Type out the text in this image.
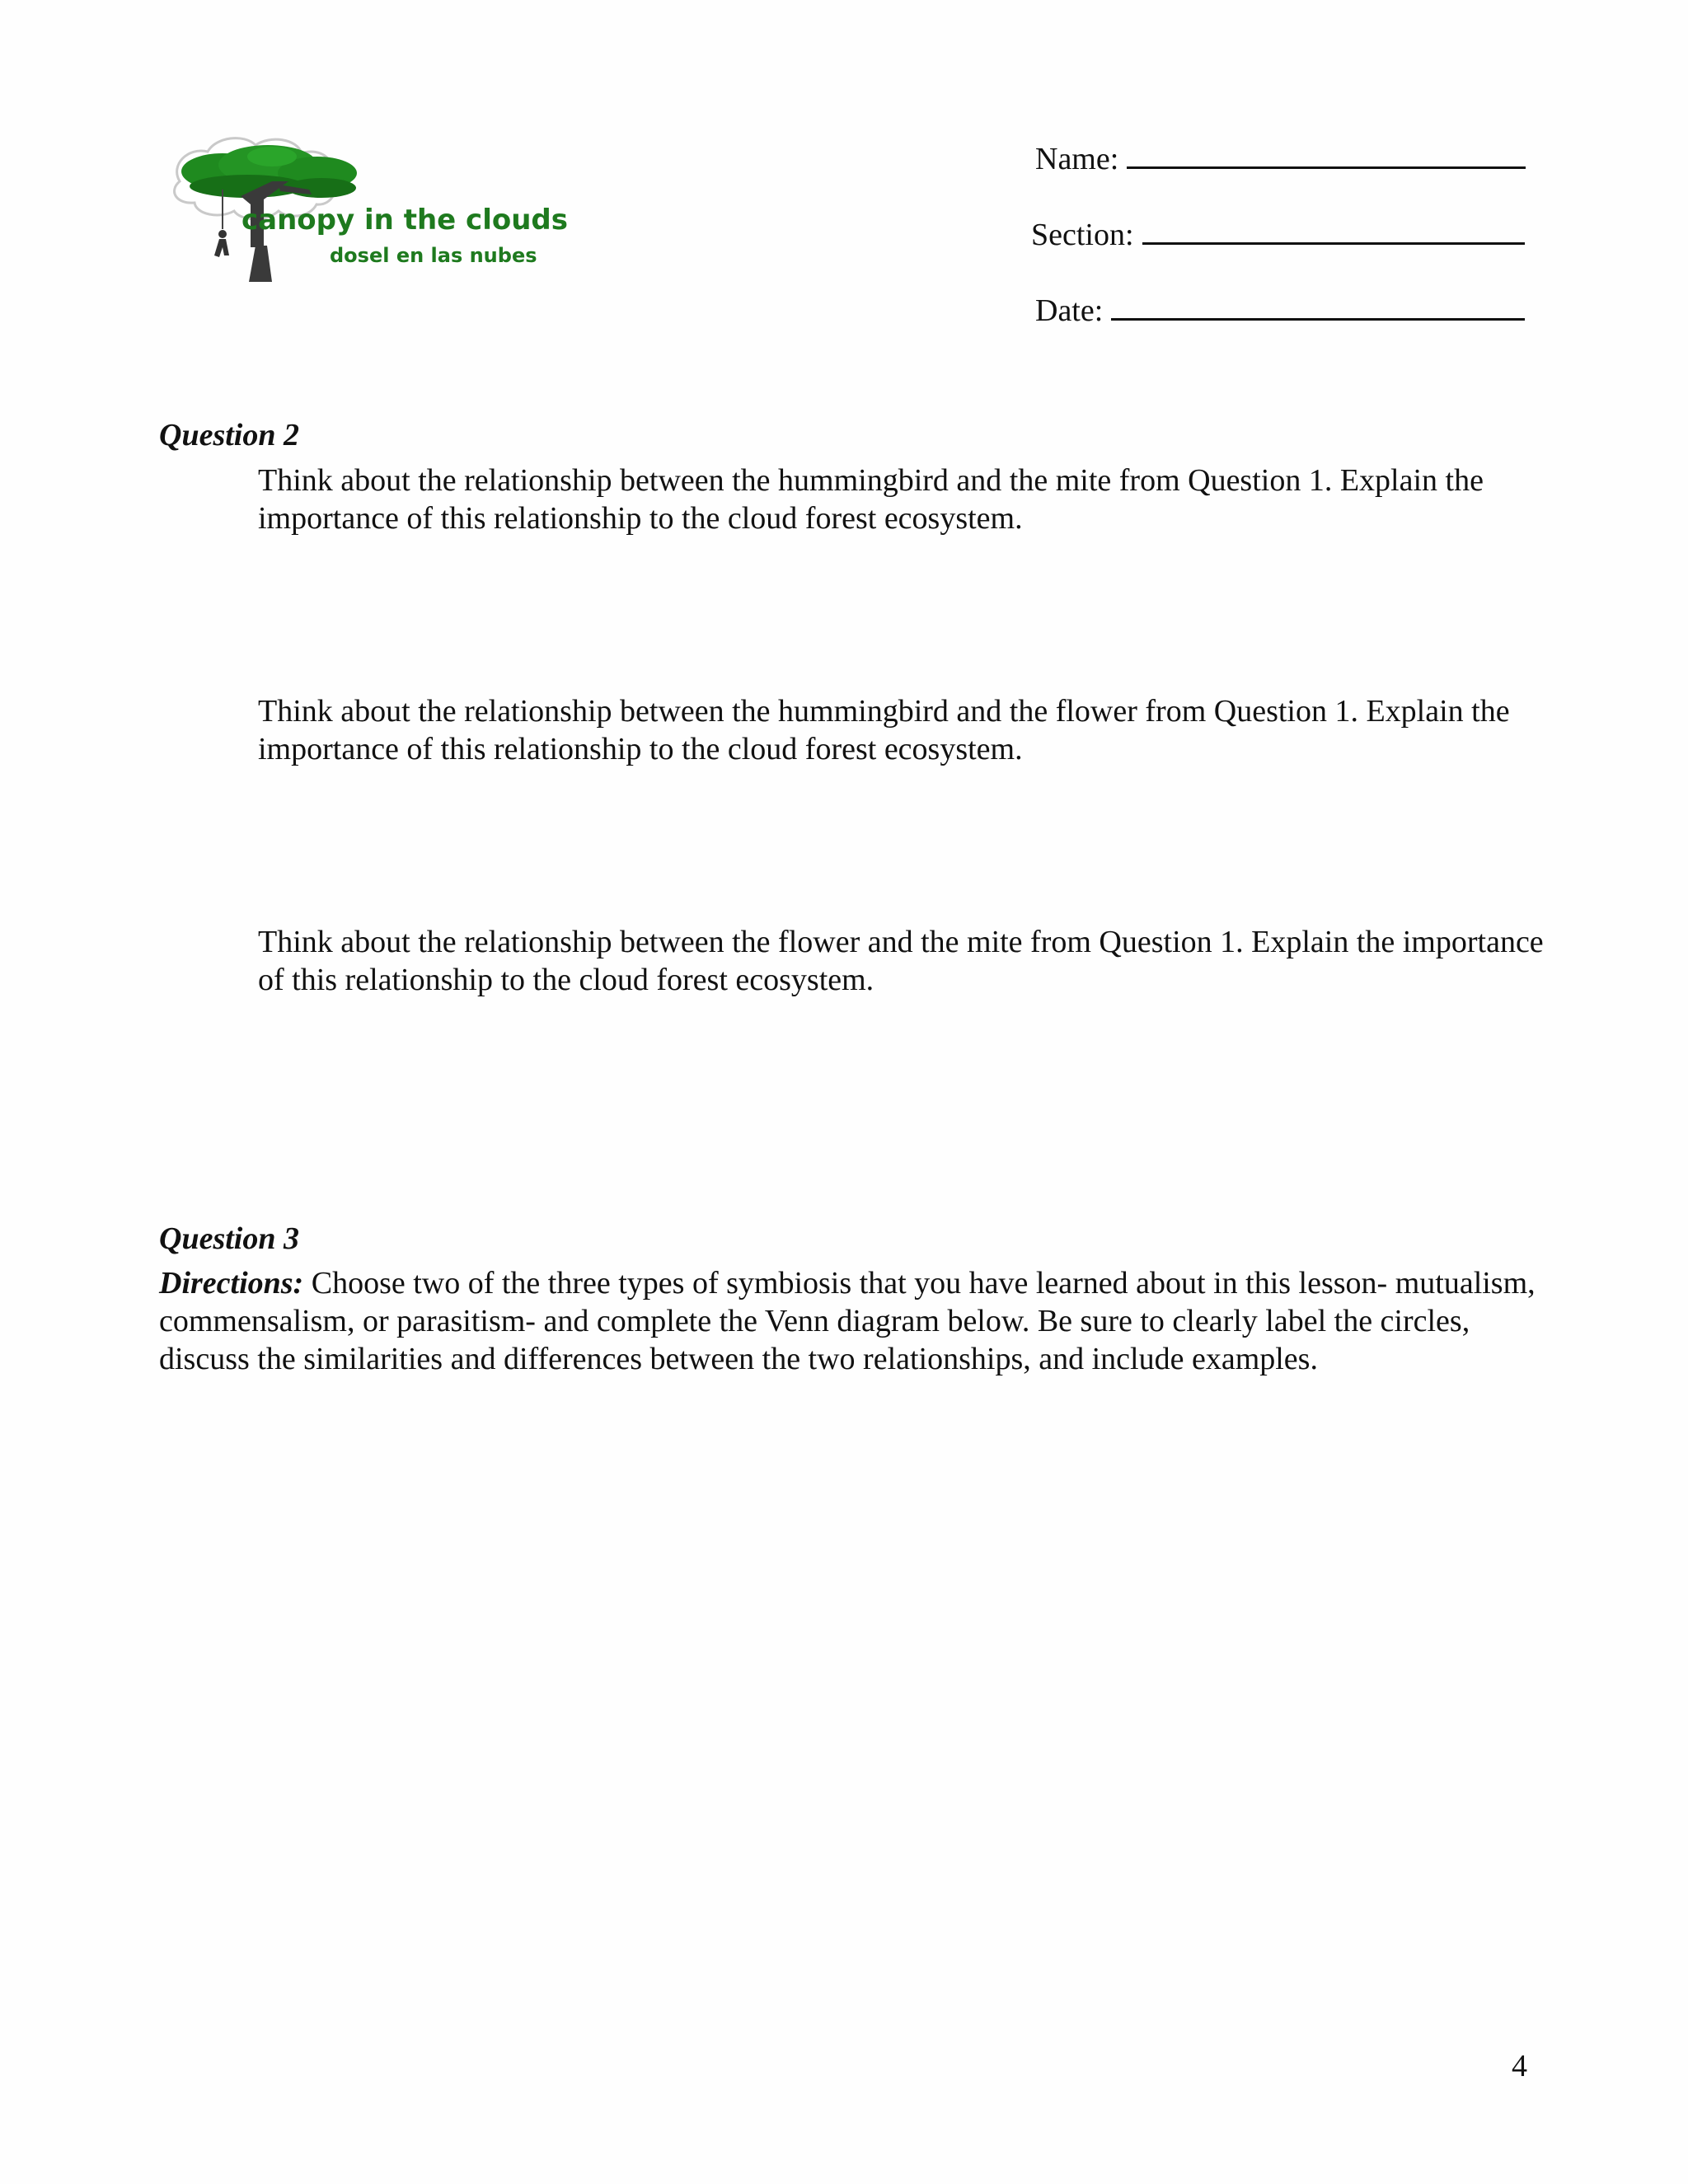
canopy in the clouds
dosel en las nubes
Name:
Section:
Date:
Question 2
Think about the relationship between the hummingbird and the mite from Question 1. Explain the importance of this relationship to the cloud forest ecosystem.
Think about the relationship between the hummingbird and the flower from Question 1. Explain the importance of this relationship to the cloud forest ecosystem.
Think about the relationship between the flower and the mite from Question 1. Explain the importance of this relationship to the cloud forest ecosystem.
Question 3
Directions: Choose two of the three types of symbiosis that you have learned about in this lesson- mutualism, commensalism, or parasitism- and complete the Venn diagram below. Be sure to clearly label the circles, discuss the similarities and differences between the two relationships, and include examples.
4
